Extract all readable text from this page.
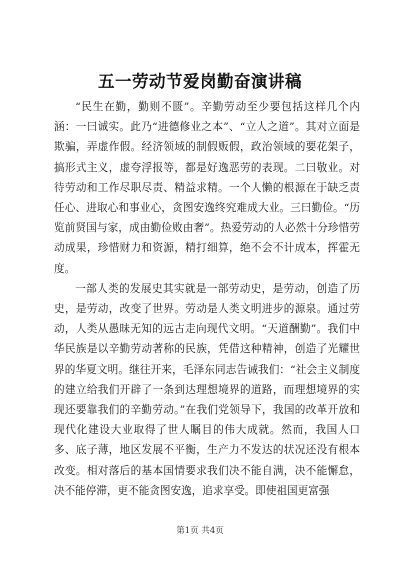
五一劳动节爱岗勤奋演讲稿

“民生在勤，勤则不匮”。辛勤劳动至少要包括这样几个内涵：一曰诚实。此乃“进德修业之本”、“立人之道”。其对立面是欺骗，弄虚作假。经济领域的制假贩假，政治领域的要花架子，搞形式主义，虚夸浮报等，都是好逸恶劳的表现。二曰敬业。对待劳动和工作尽职尽责、精益求精。一个人懒的根源在于缺乏责任心、进取心和事业心，贪图安逸终究难成大业。三曰勤俭。“历览前贤国与家，成由勤俭败由奢”。热爱劳动的人必然十分珍惜劳动成果，珍惜财力和资源，精打细算，绝不会不计成本，挥霍无度。

一部人类的发展史其实就是一部劳动史，是劳动，创造了历史，是劳动，改变了世界。劳动是人类文明进步的源泉。通过劳动，人类从愚昧无知的远古走向现代文明。“天道酬勤”。我们中华民族是以辛勤劳动著称的民族，凭借这种精神，创造了光耀世界的华夏文明。继往开来，毛泽东同志告诫我们：“社会主义制度的建立给我们开辟了一条到达理想境界的道路，而理想境界的实现还要靠我们的辛勤劳动。”在我们党领导下，我国的改革开放和现代化建设大业取得了世人瞩目的伟大成就。然而，我国人口多、底子薄，地区发展不平衡，生产力不发达的状况还没有根本改变。相对落后的基本国情要求我们决不能自满，决不能懈怠，决不能停滞，更不能贪图安逸，追求享受。即使祖国更富强

第1页 共4页
